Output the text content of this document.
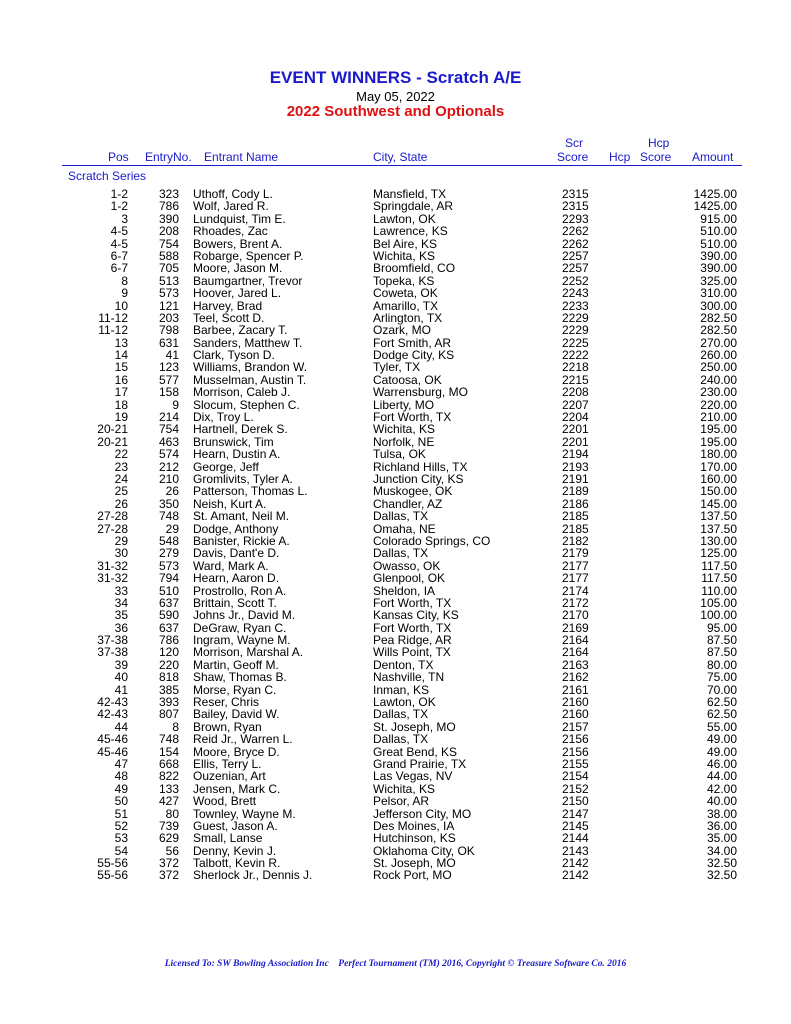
EVENT WINNERS - Scratch A/E
May 05, 2022
2022 Southwest and Optionals
Scr	Hcp
Pos EntryNo. Entrant Name	City, State	Score Hcp Score Amount
Scratch Series
1-2	323 Uthoff, Cody L.	Mansfield, TX	2315	1425.00
1-2	786 Wolf, Jared R.	Springdale, AR	2315	1425.00
3	390 Lundquist, Tim E.	Lawton, OK	2293	915.00
4-5	208 Rhoades, Zac	Lawrence, KS	2262	510.00
4-5	754 Bowers, Brent A.	Bel Aire, KS	2262	510.00
6-7	588 Robarge, Spencer P.	Wichita, KS	2257	390.00
6-7	705 Moore, Jason M.	Broomfield, CO	2257	390.00
8	513 Baumgartner, Trevor	Topeka, KS	2252	325.00
9	573 Hoover, Jared L.	Coweta, OK	2243	310.00
10	121 Harvey, Brad	Amarillo, TX	2233	300.00
11-12	203 Teel, Scott D.	Arlington, TX	2229	282.50
11-12	798 Barbee, Zacary T.	Ozark, MO	2229	282.50
13	631 Sanders, Matthew T.	Fort Smith, AR	2225	270.00
14	41 Clark, Tyson D.	Dodge City, KS	2222	260.00
15	123 Williams, Brandon W.	Tyler, TX	2218	250.00
16	577 Musselman, Austin T.	Catoosa, OK	2215	240.00
17	158 Morrison, Caleb J.	Warrensburg, MO	2208	230.00
18	9 Slocum, Stephen C.	Liberty, MO	2207	220.00
19	214 Dix, Troy L.	Fort Worth, TX	2204	210.00
20-21	754 Hartnell, Derek S.	Wichita, KS	2201	195.00
20-21	463 Brunswick, Tim	Norfolk, NE	2201	195.00
22	574 Hearn, Dustin A.	Tulsa, OK	2194	180.00
23	212 George, Jeff	Richland Hills, TX	2193	170.00
24	210 Gromlivits, Tyler A.	Junction City, KS	2191	160.00
25	26 Patterson, Thomas L.	Muskogee, OK	2189	150.00
26	350 Neish, Kurt A.	Chandler, AZ	2186	145.00
27-28	748 St. Amant, Neil M.	Dallas, TX	2185	137.50
27-28	29 Dodge, Anthony	Omaha, NE	2185	137.50
29	548 Banister, Rickie A.	Colorado Springs, CO	2182	130.00
30	279 Davis, Dant'e D.	Dallas, TX	2179	125.00
31-32	573 Ward, Mark A.	Owasso, OK	2177	117.50
31-32	794 Hearn, Aaron D.	Glenpool, OK	2177	117.50
33	510 Prostrollo, Ron A.	Sheldon, IA	2174	110.00
34	637 Brittain, Scott T.	Fort Worth, TX	2172	105.00
35	590 Johns Jr., David M.	Kansas City, KS	2170	100.00
36	637 DeGraw, Ryan C.	Fort Worth, TX	2169	95.00
37-38	786 Ingram, Wayne M.	Pea Ridge, AR	2164	87.50
37-38	120 Morrison, Marshal A.	Wills Point, TX	2164	87.50
39	220 Martin, Geoff M.	Denton, TX	2163	80.00
40	818 Shaw, Thomas B.	Nashville, TN	2162	75.00
41	385 Morse, Ryan C.	Inman, KS	2161	70.00
42-43	393 Reser, Chris	Lawton, OK	2160	62.50
42-43	807 Bailey, David W.	Dallas, TX	2160	62.50
44	8 Brown, Ryan	St. Joseph, MO	2157	55.00
45-46	748 Reid Jr., Warren L.	Dallas, TX	2156	49.00
45-46	154 Moore, Bryce D.	Great Bend, KS	2156	49.00
47	668 Ellis, Terry L.	Grand Prairie, TX	2155	46.00
48	822 Ouzenian, Art	Las Vegas, NV	2154	44.00
49	133 Jensen, Mark C.	Wichita, KS	2152	42.00
50	427 Wood, Brett	Pelsor, AR	2150	40.00
51	80 Townley, Wayne M.	Jefferson City, MO	2147	38.00
52	739 Guest, Jason A.	Des Moines, IA	2145	36.00
53	629 Small, Lanse	Hutchinson, KS	2144	35.00
54	56 Denny, Kevin J.	Oklahoma City, OK	2143	34.00
55-56	372 Talbott, Kevin R.	St. Joseph, MO	2142	32.50
55-56	372 Sherlock Jr., Dennis J.	Rock Port, MO	2142	32.50
Licensed To: SW Bowling Association Inc    Perfect Tournament (TM) 2016, Copyright © Treasure Software Co. 2016
